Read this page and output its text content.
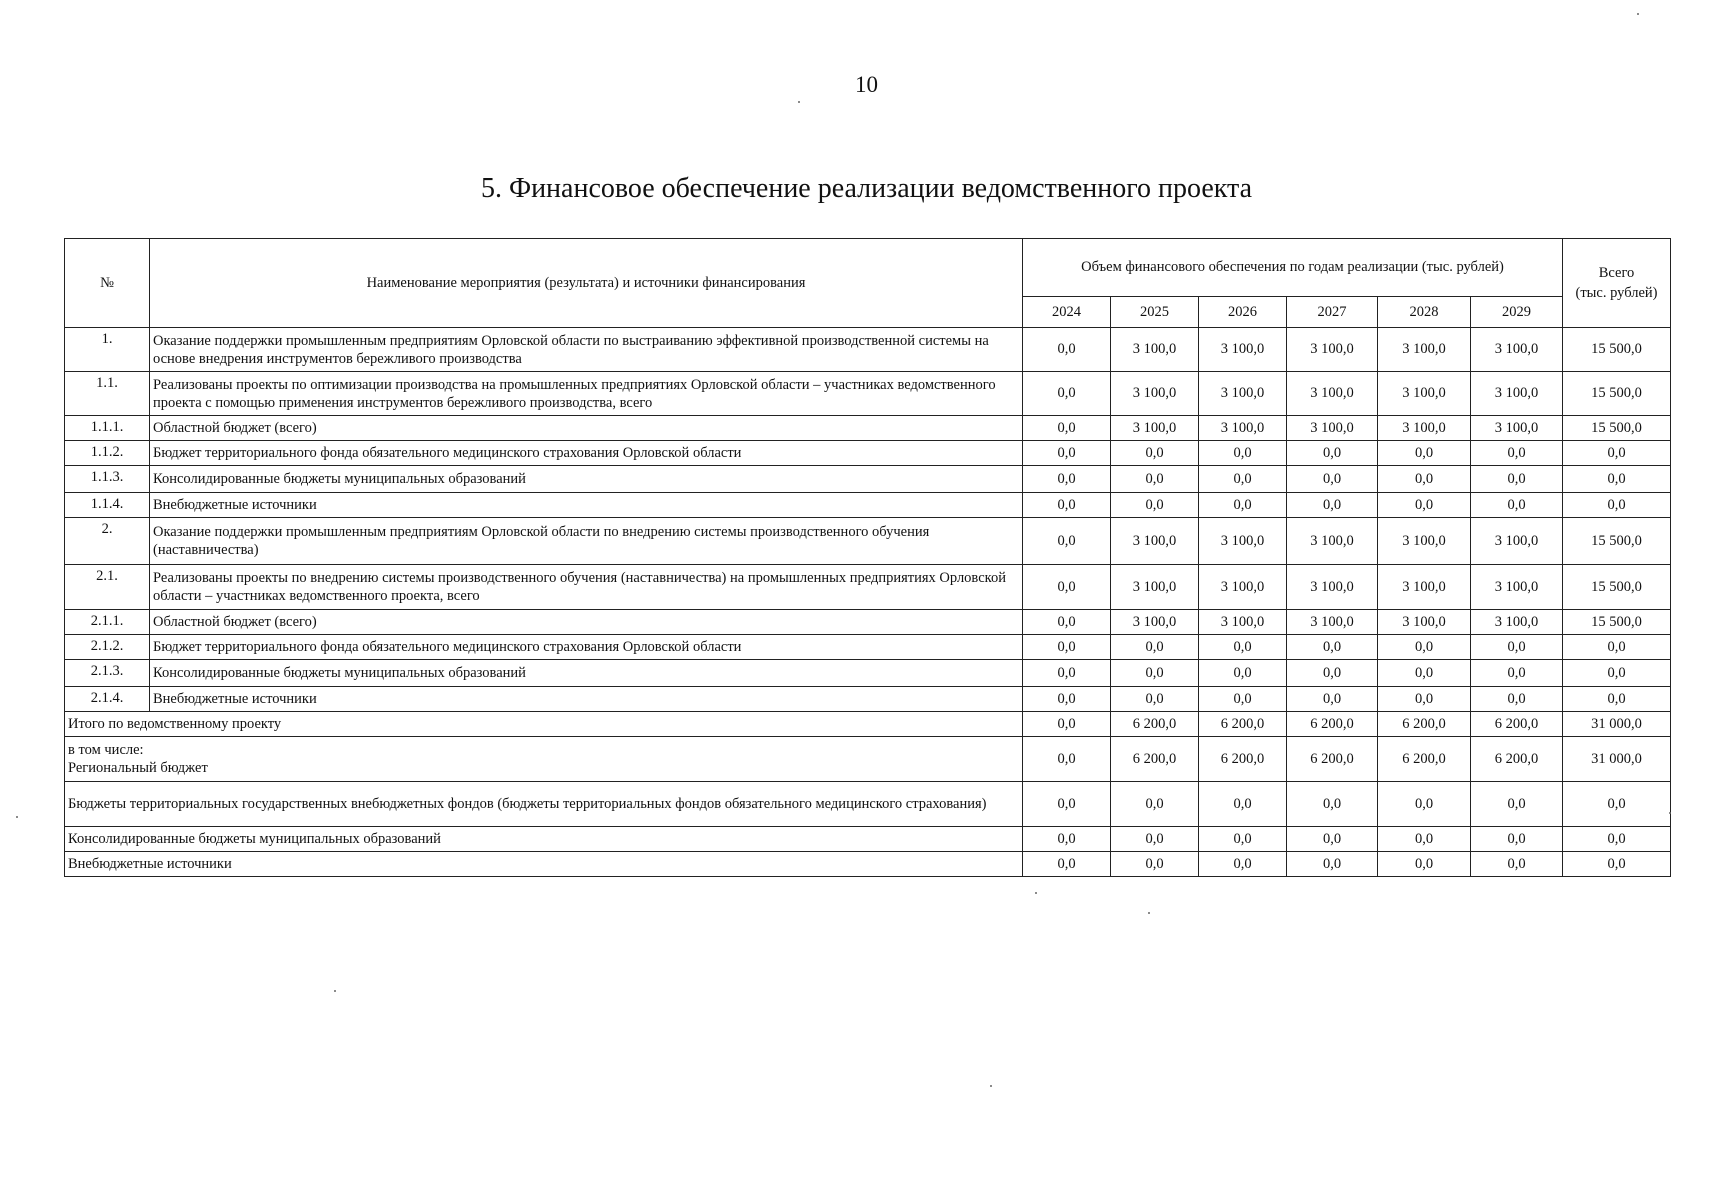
10
5. Финансовое обеспечение реализации ведомственного проекта
№	Наименование мероприятия (результата) и источники финансирования	Объем финансового обеспечения по годам реализации (тыс. рублей)						Всего
(тыс. рублей)
		2024	2025	2026	2027	2028	2029	
1.	Оказание поддержки промышленным предприятиям Орловской области по выстраиванию эффективной производственной системы на основе внедрения инструментов бережливого производства	0,0	3 100,0	3 100,0	3 100,0	3 100,0	3 100,0	15 500,0
1.1.	Реализованы проекты по оптимизации производства на промышленных предприятиях Орловской области – участниках ведомственного проекта с помощью применения инструментов бережливого производства, всего	0,0	3 100,0	3 100,0	3 100,0	3 100,0	3 100,0	15 500,0
1.1.1.	Областной бюджет (всего)	0,0	3 100,0	3 100,0	3 100,0	3 100,0	3 100,0	15 500,0
1.1.2.	Бюджет территориального фонда обязательного медицинского страхования Орловской области	0,0	0,0	0,0	0,0	0,0	0,0	0,0
1.1.3.	Консолидированные бюджеты муниципальных образований	0,0	0,0	0,0	0,0	0,0	0,0	0,0
1.1.4.	Внебюджетные источники	0,0	0,0	0,0	0,0	0,0	0,0	0,0
2.	Оказание поддержки промышленным предприятиям Орловской области по внедрению системы производственного обучения (наставничества)	0,0	3 100,0	3 100,0	3 100,0	3 100,0	3 100,0	15 500,0
2.1.	Реализованы проекты по внедрению системы производственного обучения (наставничества) на промышленных предприятиях Орловской области – участниках ведомственного проекта, всего	0,0	3 100,0	3 100,0	3 100,0	3 100,0	3 100,0	15 500,0
2.1.1.	Областной бюджет (всего)	0,0	3 100,0	3 100,0	3 100,0	3 100,0	3 100,0	15 500,0
2.1.2.	Бюджет территориального фонда обязательного медицинского страхования Орловской области	0,0	0,0	0,0	0,0	0,0	0,0	0,0
2.1.3.	Консолидированные бюджеты муниципальных образований	0,0	0,0	0,0	0,0	0,0	0,0	0,0
2.1.4.	Внебюджетные источники	0,0	0,0	0,0	0,0	0,0	0,0	0,0
Итого по ведомственному проекту		0,0	6 200,0	6 200,0	6 200,0	6 200,0	6 200,0	31 000,0
в том числе:
Региональный бюджет		0,0	6 200,0	6 200,0	6 200,0	6 200,0	6 200,0	31 000,0
Бюджеты территориальных государственных внебюджетных фондов (бюджеты территориальных фондов обязательного медицинского страхования)		0,0	0,0	0,0	0,0	0,0	0,0	0,0
Консолидированные бюджеты муниципальных образований		0,0	0,0	0,0	0,0	0,0	0,0	0,0
Внебюджетные источники		0,0	0,0	0,0	0,0	0,0	0,0	0,0
